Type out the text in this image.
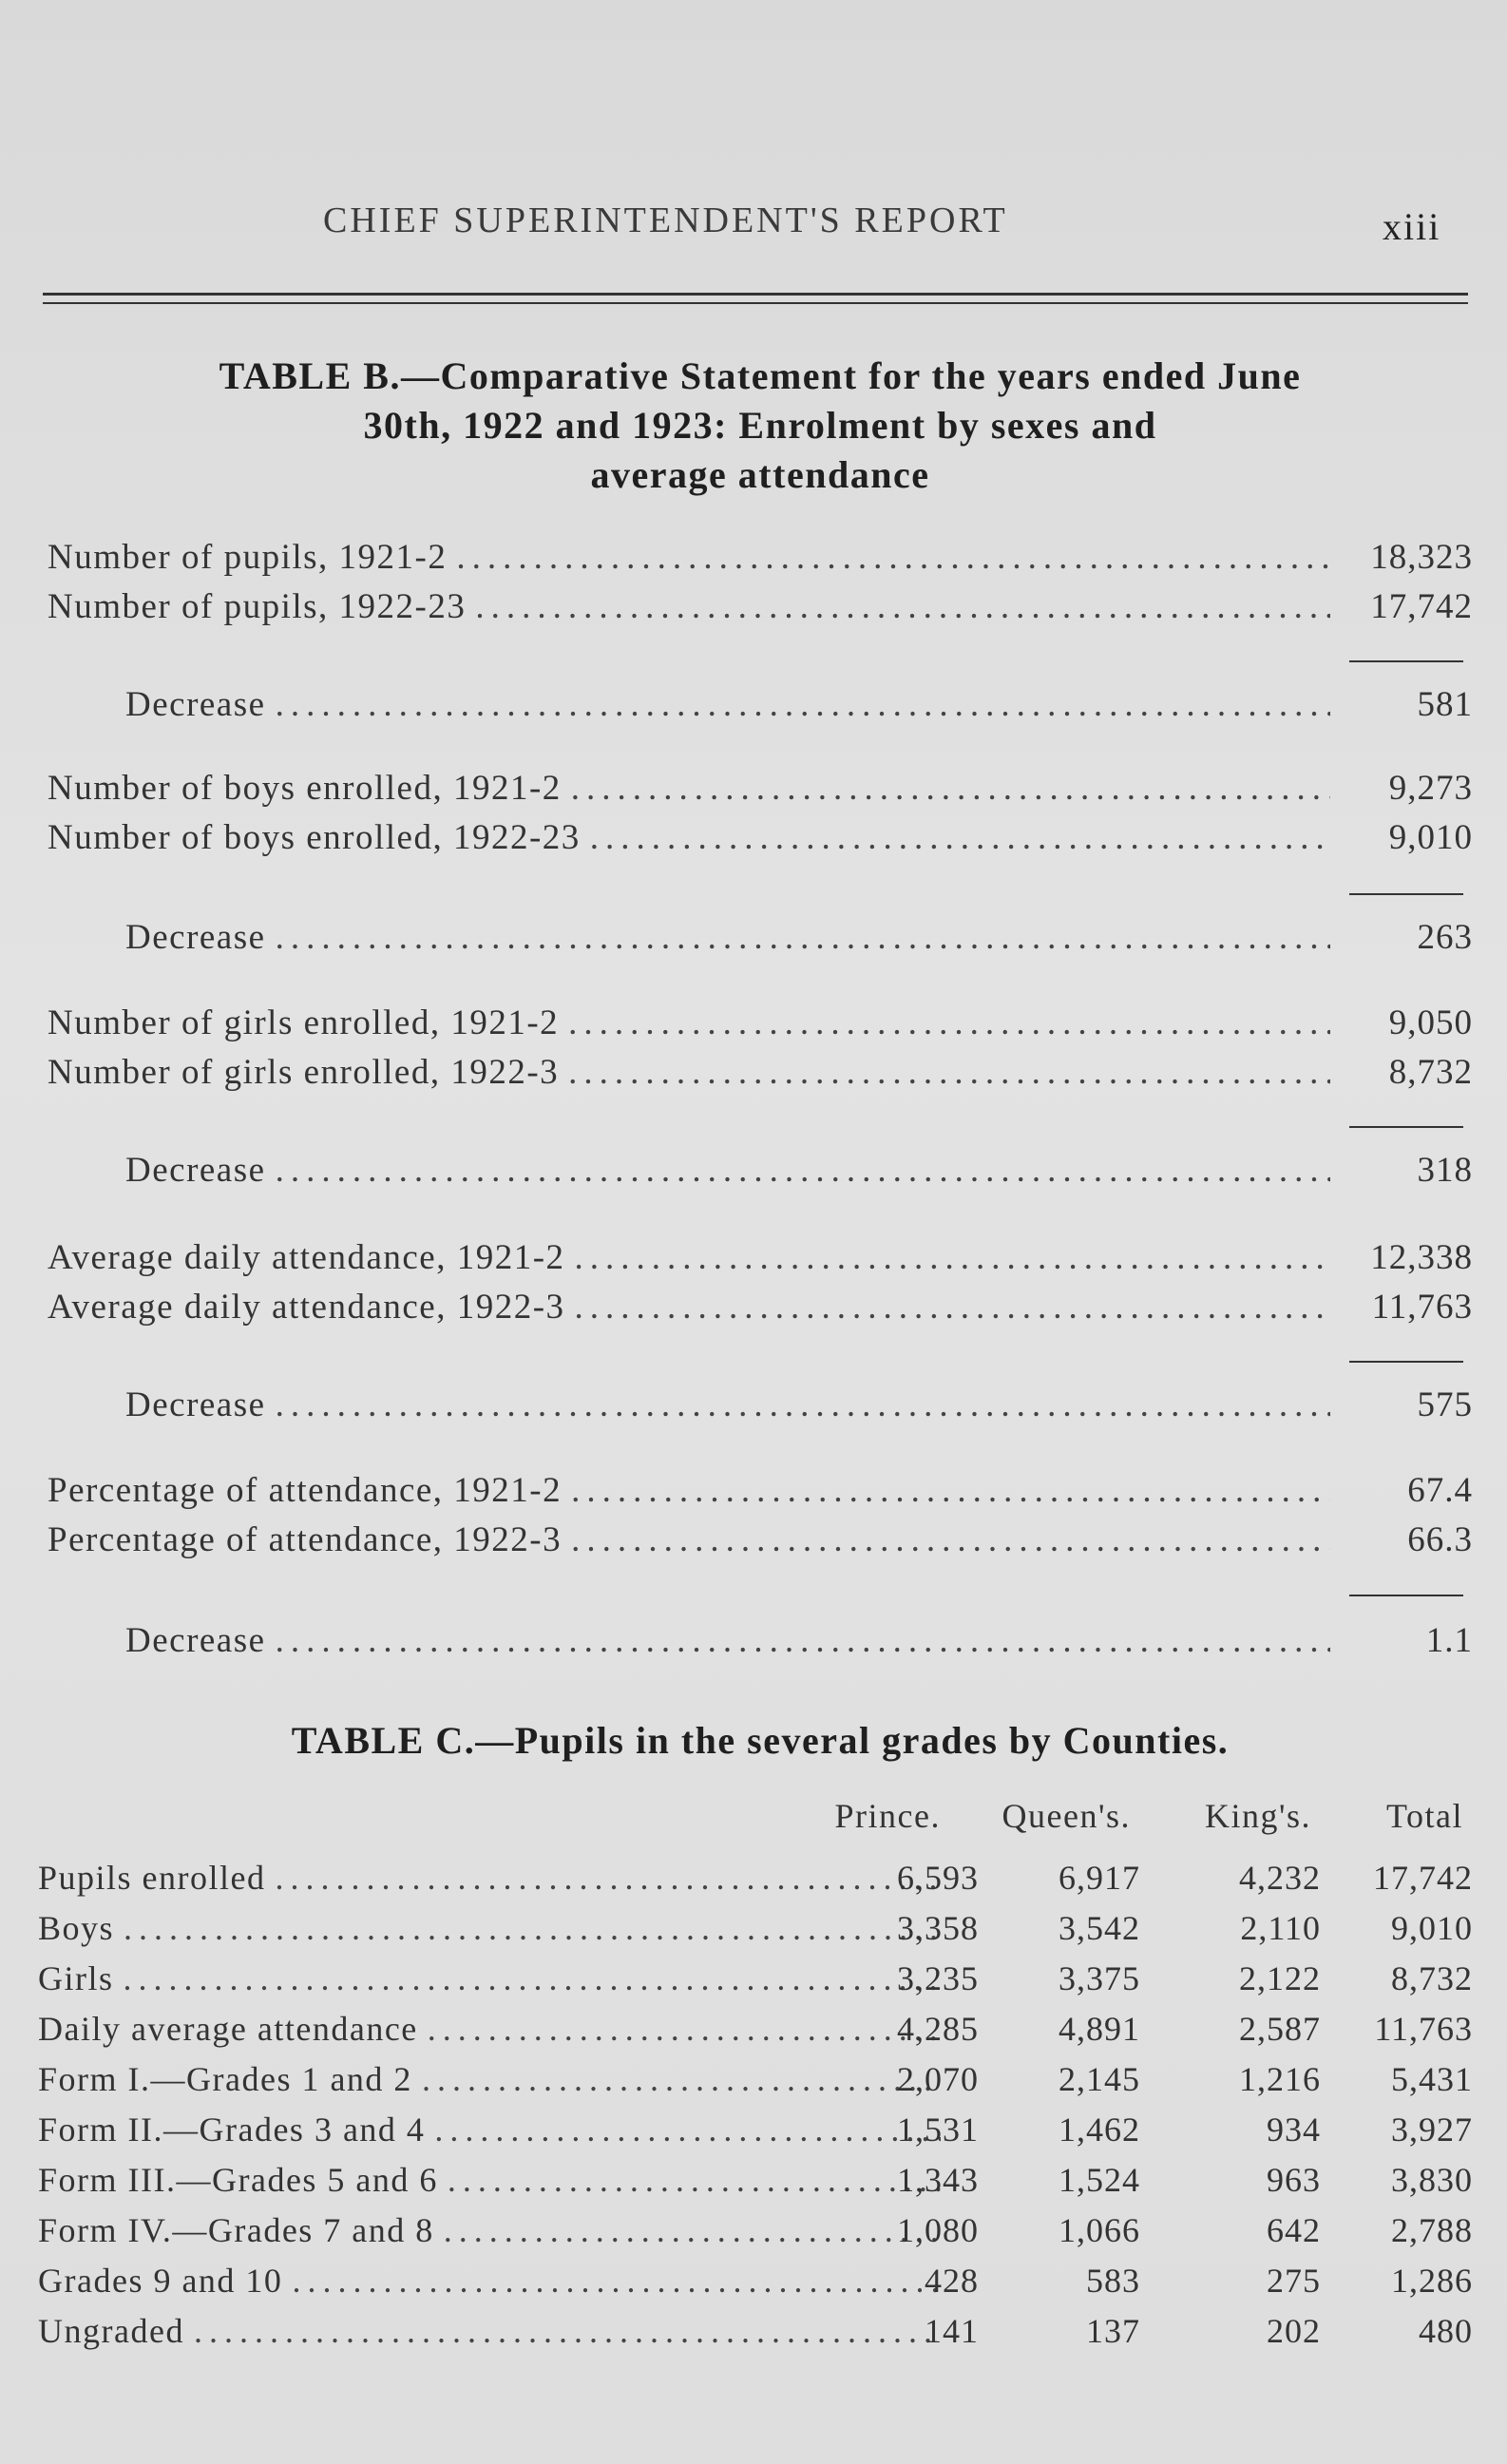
CHIEF SUPERINTENDENT'S REPORT	xiii
TABLE B.—Comparative Statement for the years ended June
30th, 1922 and 1923: Enrolment by sexes and
average attendance
Number of pupils, 1921-2 .....	18,323
Number of pupils, 1922-23 .....	17,742
Decrease .....	581
Number of boys enrolled, 1921-2 .....	9,273
Number of boys enrolled, 1922-23 .....	9,010
Decrease .....	263
Number of girls enrolled, 1921-2 .....	9,050
Number of girls enrolled, 1922-3 .....	8,732
Decrease .....	318
Average daily attendance, 1921-2 .....	12,338
Average daily attendance, 1922-3 .....	11,763
Decrease .....	575
Percentage of attendance, 1921-2 .....	67.4
Percentage of attendance, 1922-3 .....	66.3
Decrease .....	1.1
TABLE C.—Pupils in the several grades by Counties.
Prince.	Queen's.	King's.	Total
Pupils enrolled .....	6,593	6,917	4,232	17,742
Boys .....	3,358	3,542	2,110	9,010
Girls .....	3,235	3,375	2,122	8,732
Daily average attendance .....	4,285	4,891	2,587	11,763
Form I.—Grades 1 and 2 .....	2,070	2,145	1,216	5,431
Form II.—Grades 3 and 4 .....	1,531	1,462	934	3,927
Form III.—Grades 5 and 6 .....	1,343	1,524	963	3,830
Form IV.—Grades 7 and 8 .....	1,080	1,066	642	2,788
Grades 9 and 10 .....	428	583	275	1,286
Ungraded .....	141	137	202	480
